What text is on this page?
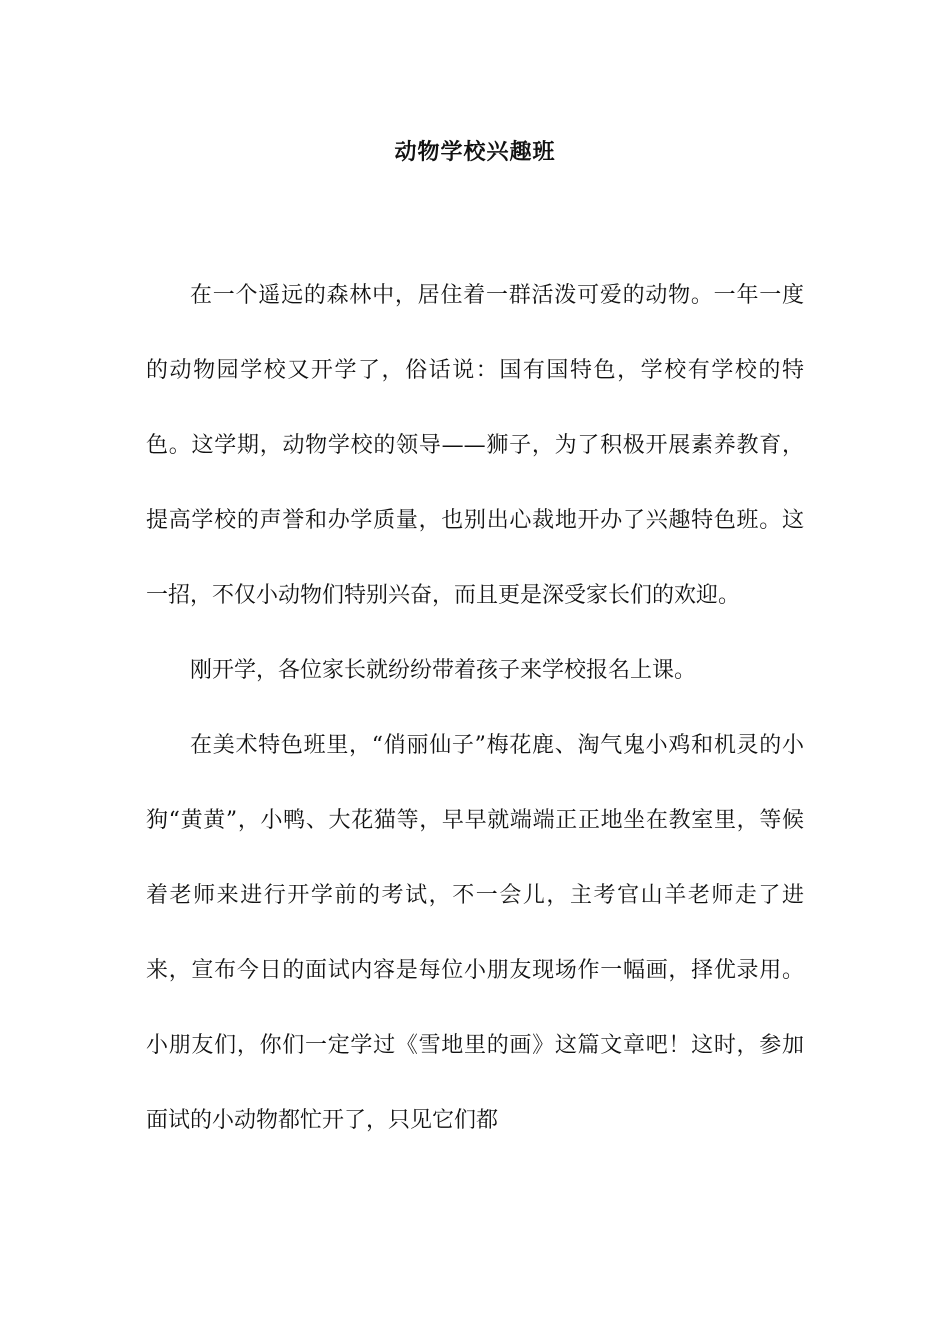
动物学校兴趣班

在一个遥远的森林中，居住着一群活泼可爱的动物。一年一度的动物园学校又开学了，俗话说：国有国特色，学校有学校的特色。这学期，动物学校的领导——狮子，为了积极开展素养教育，提高学校的声誉和办学质量，也别出心裁地开办了兴趣特色班。这一招，不仅小动物们特别兴奋，而且更是深受家长们的欢迎。

刚开学，各位家长就纷纷带着孩子来学校报名上课。

在美术特色班里，“俏丽仙子”梅花鹿、淘气鬼小鸡和机灵的小狗“黄黄”，小鸭、大花猫等，早早就端端正正地坐在教室里，等候着老师来进行开学前的考试，不一会儿，主考官山羊老师走了进来，宣布今日的面试内容是每位小朋友现场作一幅画，择优录用。小朋友们，你们一定学过《雪地里的画》这篇文章吧！这时，参加面试的小动物都忙开了，只见它们都
